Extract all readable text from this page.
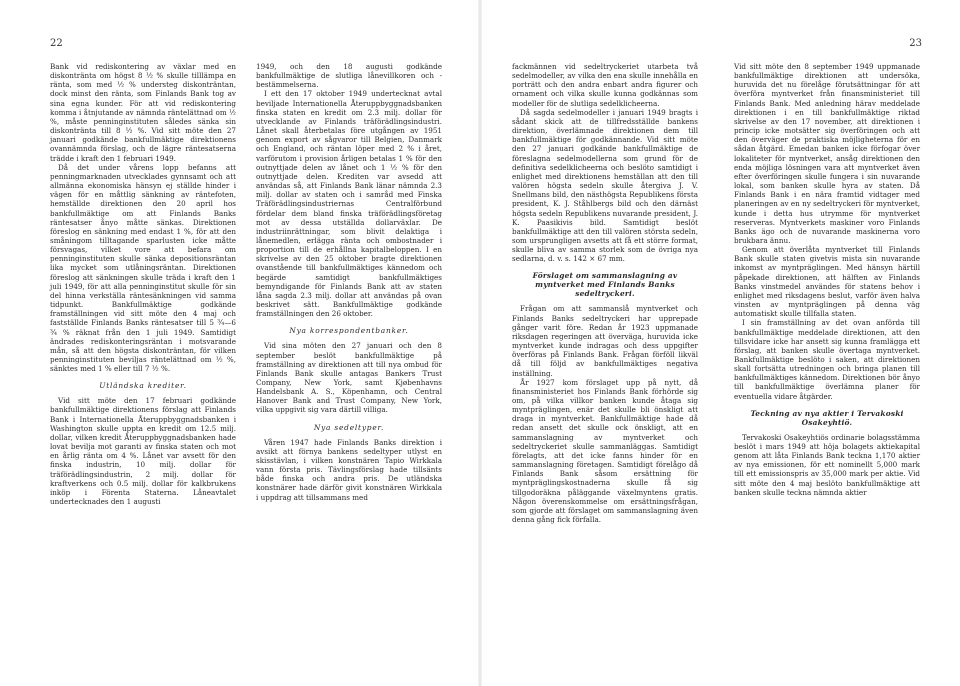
22

Bank vid rediskontering av växlar med en diskontränta om högst 8 ½ % skulle tilllämpa en ränta, som med ½ % understeg diskonträntan, dock minst den ränta, som Finlands Bank tog av sina egna kunder. För att vid rediskontering komma i åtnjutande av nämnda räntelättnad om ½ %, måste penninginstituten således sänka sin diskontränta till 8 ½ %. Vid sitt möte den 27 januari godkände bankfullmäktige direktionens ovannämnda förslag, och de lägre räntesatserna trädde i kraft den 1 februari 1949.

Då det under vårens lopp befanns att penningmarknaden utvecklades gynnsamt och att allmänna ekonomiska hänsyn ej ställde hinder i vägen för en måttlig sänkning av räntefoten, hemställde direktionen den 20 april hos bankfullmäktige om att Finlands Banks räntesatser ånyo måtte sänkas. Direktionen föreslog en sänkning med endast 1 %, för att den småningom tilltagande sparlusten icke måtte försvagas, vilket vore att befara om penninginstituten skulle sänka depositionsräntan lika mycket som utlåningsräntan. Direktionen föreslog att sänkningen skulle träda i kraft den 1 juli 1949, för att alla penninginstitut skulle för sin del hinna verkställa räntesänkningen vid samma tidpunkt. Bankfullmäktige godkände framställningen vid sitt möte den 4 maj och fastställde Finlands Banks räntesatser till 5 ¾—6 ¾ % räknat från den 1 juli 1949. Samtidigt ändrades rediskonteringsräntan i motsvarande mån, så att den högsta diskonträntan, för vilken penninginstituten beviljas räntelättnad om ½ %, sänktes med 1 % eller till 7 ½ %.

Utländska krediter.

Vid sitt möte den 17 februari godkände bankfullmäktige direktionens förslag att Finlands Bank i Internationella Återuppbyggnadsbanken i Washington skulle uppta en kredit om 12.5 milj. dollar, vilken kredit Återuppbyggnadsbanken hade lovat bevilja mot garanti av finska staten och mot en årlig ränta om 4 %. Lånet var avsett för den finska industrin, 10 milj. dollar för träförädlingsindustrin, 2 milj. dollar för kraftverkens och 0.5 milj. dollar för kalkbrukens inköp i Förenta Staterna. Låneavtalet undertecknades den 1 augusti

1949, och den 18 augusti godkände bankfullmäktige de slutliga lånevillkoren och -bestämmelserna.

I ett den 17 oktober 1949 undertecknat avtal beviljade Internationella Återuppbyggnadsbanken finska staten en kredit om 2.3 milj. dollar för utvecklande av Finlands träförädlingsindustri. Lånet skall återbetalas före utgången av 1951 genom export av sågvaror till Belgien, Danmark och England, och räntan löper med 2 % i året, varförutom i provision årligen betalas 1 % för den outnyttjade delen av lånet och 1 ½ % för den outnyttjade delen. Krediten var avsedd att användas så, att Finlands Bank länar nämnda 2.3 milj. dollar av staten och i samråd med Finska Träförädlingsindustriernas Centralförbund fördelar dem bland finska träförädlingsföretag mot av dessa utställda dollarväxlar. De industriinrättningar, som blivit delaktiga i lånemedlen, erlägga ränta och ombostnader i proportion till de erhållna kapitalbeloppen. I en skrivelse av den 25 oktober bragte direktionen ovanstående till bankfullmäktiges kännedom och begärde samtidigt bankfullmäktiges bemyndigande för Finlands Bank att av staten låna sagda 2.3 milj. dollar att användas på ovan beskrivet sätt. Bankfullmäktige godkände framställningen den 26 oktober.

Nya korrespondentbanker.

Vid sina möten den 27 januari och den 8 september beslöt bankfullmäktige på framställning av direktionen att till nya ombud för Finlands Bank skulle antagas Bankers Trust Company, New York, samt Kjøbenhavns Handelsbank A. S., Köpenhamn, och Central Hanover Bank and Trust Company, New York, vilka uppgivit sig vara därtill villiga.

Nya sedeltyper.

Våren 1947 hade Finlands Banks direktion i avsikt att förnya bankens sedeltyper utlyst en skisstävlan, i vilken konstnären Tapio Wirkkala vann första pris. Tävlingsförslag hade tillsänts både finska och andra pris. De utländska konstnärer hade därför givit konstnären Wirkkala i uppdrag att tillsammans med

23

fackmännen vid sedeltryckeriet utarbeta två sedelmodeller, av vilka den ena skulle innehålla en porträtt och den andra enbart andra figurer och ornament och vilka skulle kunna godkännas som modeller för de slutliga sedelklicheerna.

Då sagda sedelmodeller i januari 1949 bragts i sådant skick att de tillfredsställde bankens direktion, överlämnade direktionen dem till bankfullmäktige för godkännande. Vid sitt möte den 27 januari godkände bankfullmäktige de föreslagna sedelmodellerna som grund för de definitiva sedelklicheerna och beslöto samtidigt i enlighet med direktionens hemställan att den till valören högsta sedeln skulle återgiva J. V. Snellmans bild, den nästhögsta Republikens första president, K. J. Ståhlbergs bild och den därnäst högsta sedeln Republikens nuvarande president, J. K. Paasikivis bild. Samtidigt beslöt bankfullmäktige att den till valören största sedeln, som ursprungligen avsetts att få ett större format, skulle bliva av samma storlek som de övriga nya sedlarna, d. v. s. 142 × 67 mm.

Förslaget om sammanslagning av myntverket med Finlands Banks sedeltryckeri.

Frågan om att sammanslå myntverket och Finlands Banks sedeltryckeri har upprepade gånger varit före. Redan år 1923 uppmanade riksdagen regeringen att överväga, huruvida icke myntverket kunde indragas och dess uppgifter överföras på Finlands Bank. Frågan förföll likväl då till följd av bankfullmäktiges negativa inställning.

År 1927 kom förslaget upp på nytt, då finansministeriet hos Finlands Bank förhörde sig om, på vilka villkor banken kunde åtaga sig myntpräglingen, enär det skulle bli önskligt att draga in myntverket. Bankfullmäktige hade då redan ansett det skulle ock önskligt, att en sammanslagning av myntverket och sedeltryckeriet skulle sammanläggas. Samtidigt förelagts, att det icke fanns hinder för en sammanslagning företagen. Samtidigt förelågo då Finlands Bank såsom ersättning för myntpräglingskostnaderna skulle få sig tillgodoräkna påläggande växelmyntens gratis. Någon överenskommelse om ersättningsfrågan, som gjorde att förslaget om sammanslagning även denna gång fick förfalla.

Vid sitt möte den 8 september 1949 uppmanade bankfullmäktige direktionen att undersöka, huruvida det nu förelåge förutsättningar för att överföra myntverket från finansministeriet till Finlands Bank. Med anledning härav meddelade direktionen i en till bankfullmäktige riktad skrivelse av den 17 november, att direktionen i princip icke motsätter sig överföringen och att den överväger de praktiska möjligheterna för en sådan åtgärd. Emedan banken icke förfogar över lokaliteter för myntverket, ansåg direktionen den enda möjliga lösningen vara att myntverket även efter överföringen skulle fungera i sin nuvarande lokal, som banken skulle hyra av staten. Då Finlands Bank i en nära framtid vidtager med planeringen av en ny sedeltryckeri för myntverket, kunde i detta hus utrymme för myntverket reserveras. Myntverkets maskiner voro Finlands Banks ägo och de nuvarande maskinerna voro brukbara ännu.

Genom att överlåta myntverket till Finlands Bank skulle staten givetvis mista sin nuvarande inkomst av myntpräglingen. Med hänsyn härtill påpekade direktionen, att hälften av Finlands Banks vinstmedel användes för statens behov i enlighet med riksdagens beslut, varför även halva vinsten av myntpräglingen på denna väg automatiskt skulle tillfalla staten.

I sin framställning av det ovan anförda till bankfullmäktige meddelade direktionen, att den tillsvidare icke har ansett sig kunna framlägga ett förslag, att banken skulle övertaga myntverket. Bankfullmäktige beslöto i saken, att direktionen skall fortsätta utredningen och bringa planen till bankfullmäktiges kännedom. Direktionen bör ånyo till bankfullmäktige överlämna planer för eventuella vidare åtgärder.

Teckning av nya aktier i Tervakoski Osakeyhtiö.

Tervakoski Osakeyhtiös ordinarie bolagsstämma beslöt i mars 1949 att höja bolagets aktiekapital genom att låta Finlands Bank teckna 1,170 aktier av nya emissionen, för ett nominellt 5,000 mark till ett emissionspris av 35,000 mark per aktie. Vid sitt möte den 4 maj beslöto bankfullmäktige att banken skulle teckna nämnda aktier
